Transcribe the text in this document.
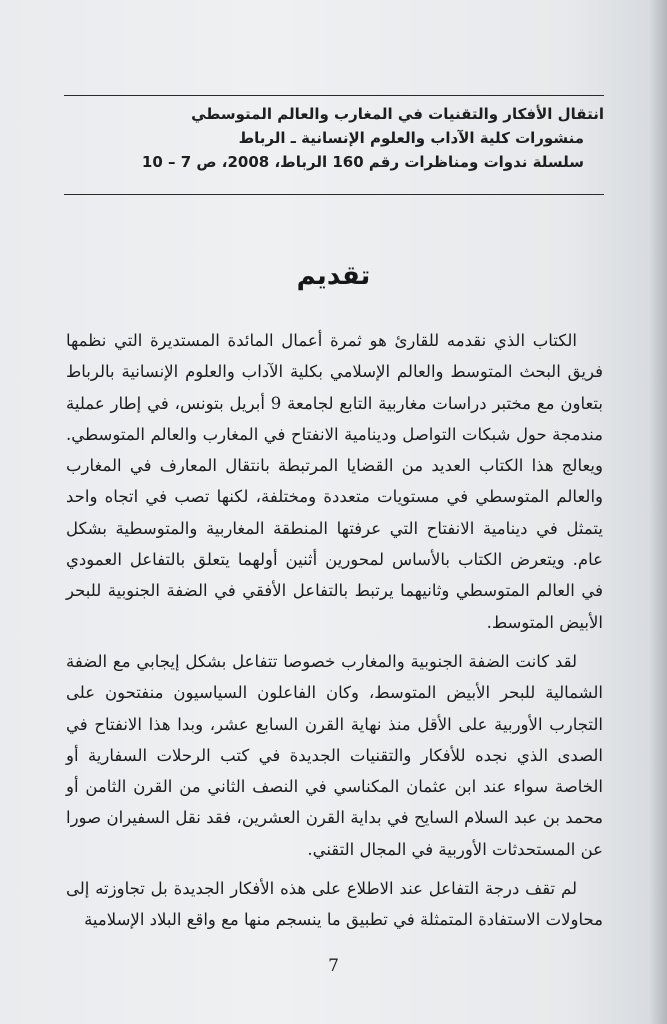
انتقال الأفكار والتقنيات في المغارب والعالم المتوسطي
منشورات كلية الآداب والعلوم الإنسانية ـ الرباط
سلسلة ندوات ومناظرات رقم 160 الرباط، 2008، ص 7 – 10
تقديم

الكتاب الذي نقدمه للقارئ هو ثمرة أعمال المائدة المستديرة التي نظمها فريق البحث المتوسط والعالم الإسلامي بكلية الآداب والعلوم الإنسانية بالرباط بتعاون مع مختبر دراسات مغاربية التابع لجامعة 9 أبريل بتونس، في إطار عملية مندمجة حول شبكات التواصل ودينامية الانفتاح في المغارب والعالم المتوسطي. ويعالج هذا الكتاب العديد من القضايا المرتبطة بانتقال المعارف في المغارب والعالم المتوسطي في مستويات متعددة ومختلفة، لكنها تصب في اتجاه واحد يتمثل في دينامية الانفتاح التي عرفتها المنطقة المغاربية والمتوسطية بشكل عام. ويتعرض الكتاب بالأساس لمحورين أثنين أولهما يتعلق بالتفاعل العمودي في العالم المتوسطي وثانيهما يرتبط بالتفاعل الأفقي في الضفة الجنوبية للبحر الأبيض المتوسط.

لقد كانت الضفة الجنوبية والمغارب خصوصا تتفاعل بشكل إيجابي مع الضفة الشمالية للبحر الأبيض المتوسط، وكان الفاعلون السياسيون منفتحون على التجارب الأوربية على الأقل منذ نهاية القرن السابع عشر، وبدا هذا الانفتاح في الصدى الذي نجده للأفكار والتقنيات الجديدة في كتب الرحلات السفارية أو الخاصة سواء عند ابن عثمان المكناسي في النصف الثاني من القرن الثامن أو محمد بن عبد السلام السايح في بداية القرن العشرين، فقد نقل السفيران صورا عن المستحدثات الأوربية في المجال التقني.

لم تقف درجة التفاعل عند الاطلاع على هذه الأفكار الجديدة بل تجاوزته إلى محاولات الاستفادة المتمثلة في تطبيق ما ينسجم منها مع واقع البلاد الإسلامية

7
